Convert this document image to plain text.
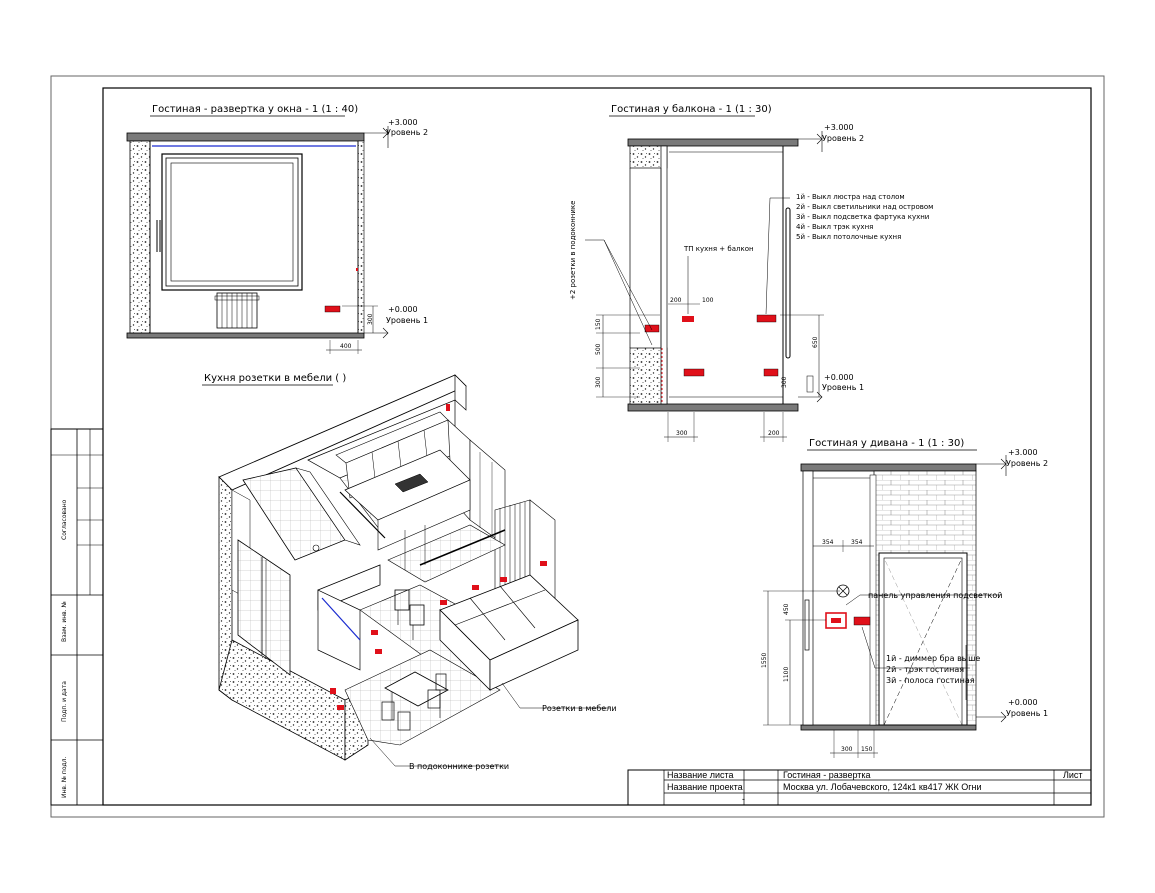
Согласовано
Взам. инв. №
Подп. и дата
Инв. № подл.
Гостиная - развертка у окна - 1 (1 : 40)
+3.000
Уровень 2
+0.000
Уровень 1
300
400
Гостиная у балкона - 1 (1 : 30)
+2 розетки в подоконнике	ТП кухня + балкон
1й - Выкл люстра над столом
2й - Выкл светильники над островом
3й - Выкл подсветка фартука кухни
4й - Выкл трэк кухня
5й - Выкл потолочные кухня
+3.000
Уровень 2
+0.000
Уровень 1
150
500
300
200	100
650
300
300	200
Гостиная у дивана - 1 (1 : 30)
панель управления подсветкой
1й - диммер бра выше
2й - трэк гостиная
3й - полоса гостиная
+3.000
Уровень 2
+0.000
Уровень 1
354	354
450
1550
1100
300 150
Кухня розетки в мебели ( )
Розетки в мебели
В подоконнике розетки
Название листа	Гостиная - развертка
Название проекта	Москва ул. Лобачевского, 124к1 кв417 ЖК Огни
Лист
-
